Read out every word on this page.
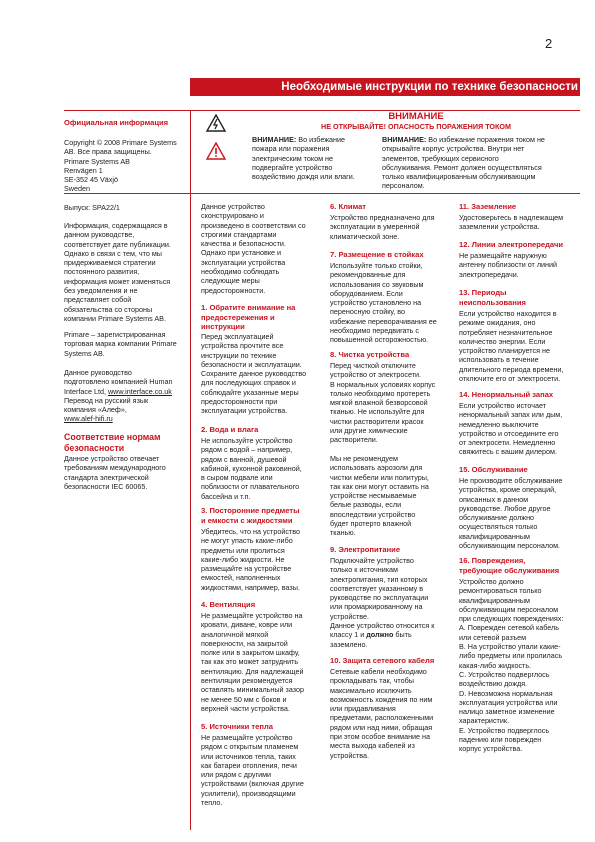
2
Необходимые инструкции по технике безопасности
ВНИМАНИЕ
НЕ ОТКРЫВАЙТЕ! ОПАСНОСТЬ ПОРАЖЕНИЯ ТОКОМ
ВНИМАНИЕ: Во избежание
пожара или поражения
электрическим током не
подвергайте устройство
воздействию дождя или влаги.
ВНИМАНИЕ: Во избежание поражения током не
открывайте корпус устройства. Внутри нет
элементов, требующих сервисного
обслуживания. Ремонт должен осуществляться
только квалифицированным обслуживающим
персоналом.
Официальная информация
Copyright © 2008 Primare Systems
AB. Все права защищены.
Primare Systems AB
Renvägen 1
SE-352 45 Växjö
Sweden
Выпуск: SPA22/1
Информация, содержащаяся в
данном руководстве,
соответствует дате публикации.
Однако в связи с тем, что мы
придерживаемся стратегии
постоянного развития,
информация может изменяться
без уведомления и не
представляет собой
обязательства со стороны
компании Primare Systems AB.
Primare – зарегистрированная
торговая марка компании Primare
Systems AB.
Данное руководство
подготовлено компанией Human
Interface Ltd, www.interface.co.uk
Перевод на русский язык
компания «Алеф»,
www.alef-hifi.ru
Соответствие нормам
безопасности
Данное устройство отвечает
требованиям международного
стандарта электрической
безопасности IEC 60065.
Данное устройство
сконструировано и
произведено в соответствии со
строгими стандартами
качества и безопасности.
Однако при установке и
эксплуатации устройства
необходимо соблюдать
следующие меры
предосторожности.
1. Обратите внимание на
предостережения и
инструкции
Перед эксплуатацией
устройства прочтите все
инструкции по технике
безопасности и эксплуатации.
Сохраните данное руководство
для последующих справок и
соблюдайте указанные меры
предосторожности при
эксплуатации устройства.
2. Вода и влага
Не используйте устройство
рядом с водой – например,
рядом с ванной, душевой
кабиной, кухонной раковиной,
в сыром подвале или
поблизости от плавательного
бассейна и т.п.
3. Посторонние предметы
и емкости с жидкостями
Убедитесь, что на устройство
не могут упасть какие-либо
предметы или пролиться
какие-либо жидкости. Не
размещайте на устройстве
емкостей, наполненных
жидкостями, например, вазы.
4. Вентиляция
Не размещайте устройство на
кровати, диване, ковре или
аналогичной мягкой
поверхности, на закрытой
полке или в закрытом шкафу,
так как это может затруднить
вентиляцию. Для надлежащей
вентиляции рекомендуется
оставлять минимальный зазор
не менее 50 мм с боков и
верхней части устройства.
5. Источники тепла
Не размещайте устройство
рядом с открытым пламенем
или источников тепла, таких
как батареи отопления, печи
или рядом с другими
устройствами (включая другие
усилители), производящими
тепло.
6. Климат
Устройство предназначено для
эксплуатации в умеренной
климатической зоне.
7. Размещение в стойках
Используйте только стойки,
рекомендованные для
использования со звуковым
оборудованием. Если
устройство установлено на
переносную стойку, во
избежание переворачивания ее
необходимо передвигать с
повышенной осторожностью.
8. Чистка устройства
Перед чисткой отключите
устройство от электросети.
В нормальных условиях корпус
только необходимо протереть
мягкой влажной безворсовой
тканью. Не используйте для
чистки растворители красок
или другие химические
растворители.

Мы не рекомендуем
использовать аэрозоли для
чистки мебели или политуры,
так как они могут оставить на
устройстве несмываемые
белые разводы, если
впоследствии устройство
будет протерто влажной
тканью.
9. Электропитание
Подключайте устройство
только к источникам
электропитания, тип которых
соответствует указанному в
руководстве по эксплуатации
или промаркированному на
устройстве.
Данное устройство относится к
классу 1 и должно быть
заземлено.
10. Защита сетевого кабеля
Сетевые кабели необходимо
прокладывать так, чтобы
максимально исключить
возможность хождения по ним
или придавливания
предметами, расположенными
рядом или над ними, обращая
при этом особое внимание на
места выхода кабелей из
устройства.
11. Заземление
Удостоверьтесь в надлежащем
заземлении устройства.
12. Линии электропередачи
Не размещайте наружную
антенну поблизости от линий
электропередачи.
13. Периоды
неиспользования
Если устройство находится в
режиме ожидания, оно
потребляет незначительное
количество энергии. Если
устройство планируется не
использовать в течение
длительного периода времени,
отключите его от электросети.
14. Ненормальный запах
Если устройство источает
ненормальный запах или дым,
немедленно выключите
устройство и отсоедините его
от электросети. Немедленно
свяжитесь с вашим дилером.
15. Обслуживание
Не производите обслуживание
устройства, кроме операций,
описанных в данном
руководстве. Любое другое
обслуживание должно
осуществляться только
квалифицированным
обслуживающим персоналом.
16. Повреждения,
требующие обслуживания
Устройство должно
ремонтироваться только
квалифицированным
обслуживающим персоналом
при следующих повреждениях:
A. Поврежден сетевой кабель
или сетевой разъем
B. На устройство упали какие-
либо предметы или пролилась
какая-либо жидкость.
C. Устройство подверглось
воздействию дождя.
D. Невозможна нормальная
эксплуатация устройства или
налицо заметное изменение
характеристик.
E. Устройство подверглось
падению или поврежден
корпус устройства.
